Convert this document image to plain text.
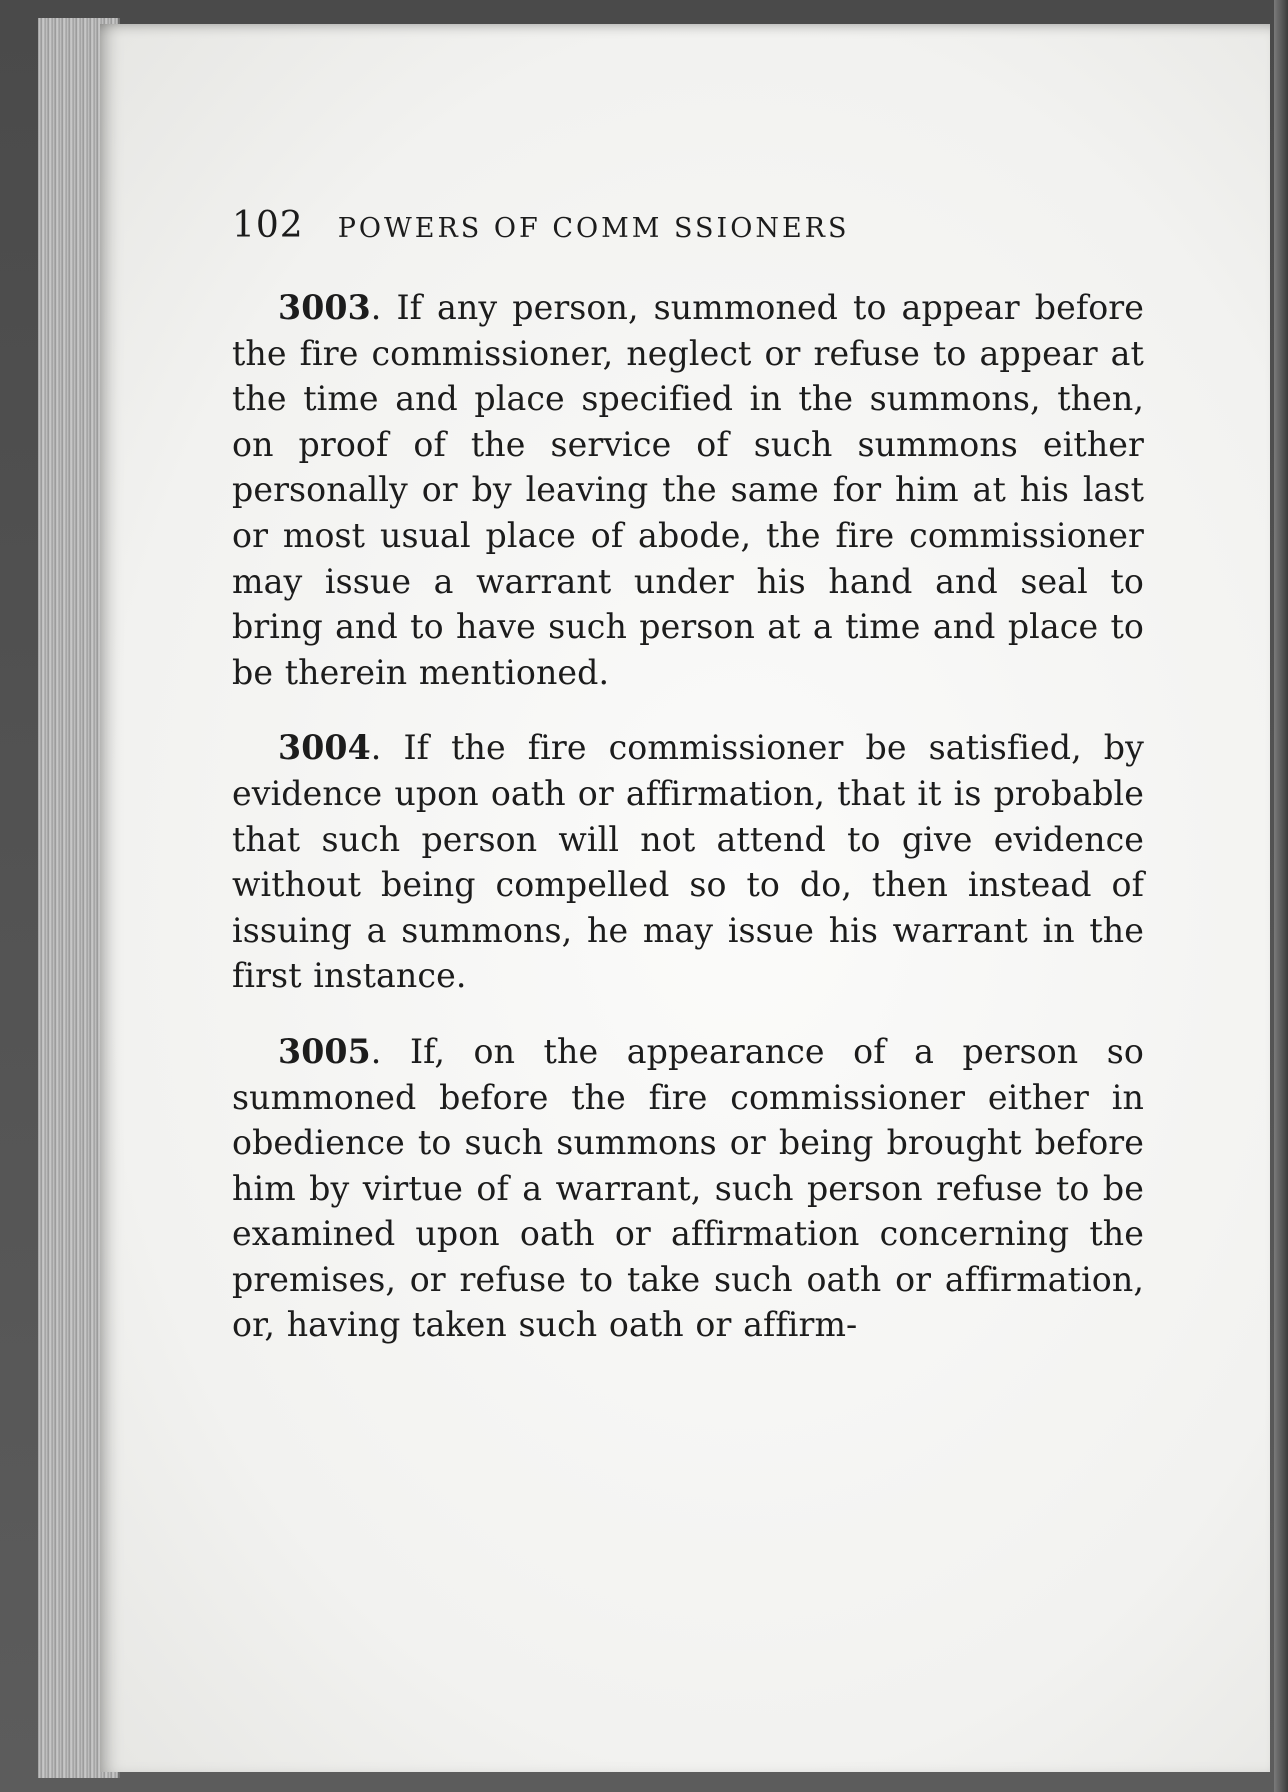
102 POWERS OF COMM SSIONERS

3003. If any person, summoned to appear before the fire commissioner, neglect or refuse to appear at the time and place specified in the summons, then, on proof of the service of such summons either personally or by leaving the same for him at his last or most usual place of abode, the fire commissioner may issue a warrant under his hand and seal to bring and to have such person at a time and place to be therein mentioned.

3004. If the fire commissioner be satisfied, by evidence upon oath or affirmation, that it is probable that such person will not attend to give evidence without being compelled so to do, then instead of issuing a summons, he may issue his warrant in the first instance.

3005. If, on the appearance of a person so summoned before the fire commissioner either in obedience to such summons or being brought before him by virtue of a warrant, such person refuse to be examined upon oath or affirmation concerning the premises, or refuse to take such oath or affirmation, or, having taken such oath or affirm-
